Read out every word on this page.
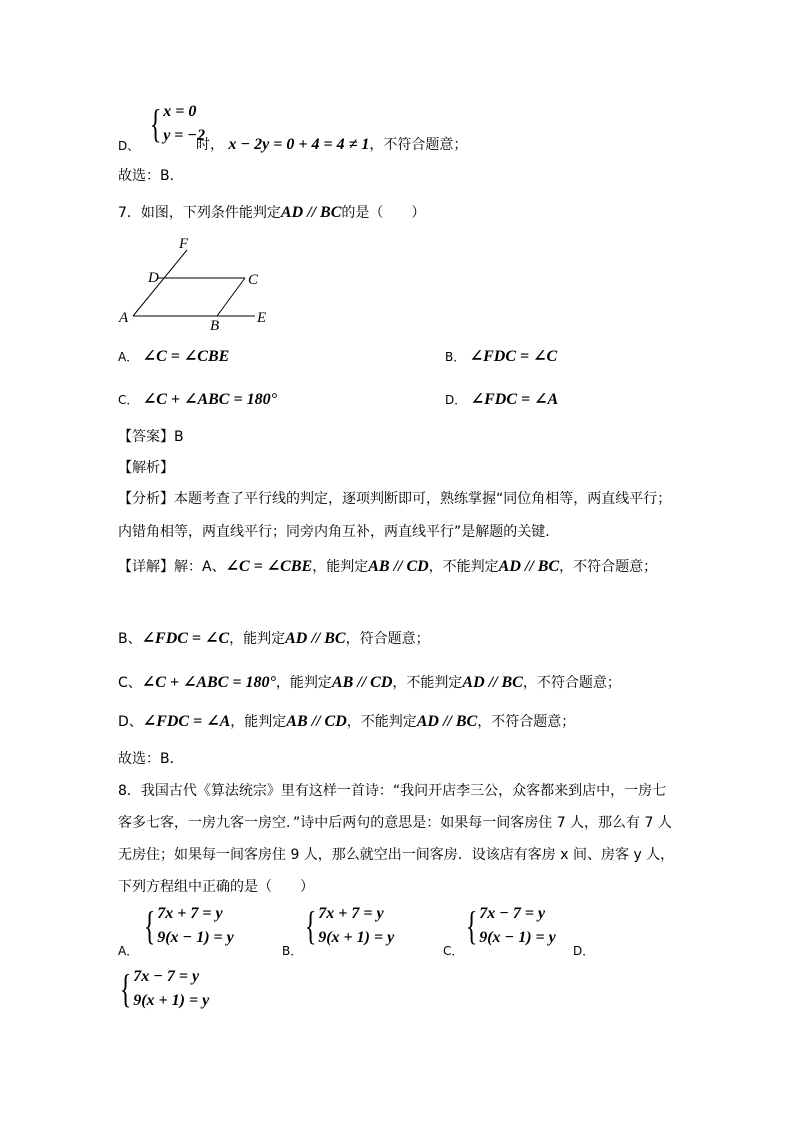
{ x = 0
y = −2
D、	时， x − 2y = 0 + 4 = 4 ≠ 1，不符合题意；
故选：B．
7．如图，下列条件能判定AD // BC的是（　　）
F
D	C
A	B	E
A． ∠C = ∠CBE	B． ∠FDC = ∠C
C． ∠C + ∠ABC = 180°	D． ∠FDC = ∠A
【答案】B
【解析】
【分析】本题考查了平行线的判定，逐项判断即可，熟练掌握“同位角相等，两直线平行；
内错角相等，两直线平行；同旁内角互补，两直线平行”是解题的关键．
【详解】解：A、∠C = ∠CBE，能判定AB // CD，不能判定AD // BC，不符合题意；
B、∠FDC = ∠C，能判定AD // BC，符合题意；
C、∠C + ∠ABC = 180°，能判定AB // CD，不能判定AD // BC，不符合题意；
D、∠FDC = ∠A，能判定AB // CD，不能判定AD // BC，不符合题意；
故选：B．
8．我国古代《算法统宗》里有这样一首诗：“我问开店李三公，众客都来到店中，一房七
客多七客，一房九客一房空．”诗中后两句的意思是：如果每一间客房住 7 人，那么有 7 人
无房住；如果每一间客房住 9 人，那么就空出一间客房．设该店有客房 x 间、房客 y 人，
下列方程组中正确的是（　　）
A．
{ 7x + 7 = y
9(x − 1) = y
B．
{ 7x + 7 = y
9(x + 1) = y
C．
{ 7x − 7 = y
9(x − 1) = y
D．
{ 7x − 7 = y
9(x + 1) = y
